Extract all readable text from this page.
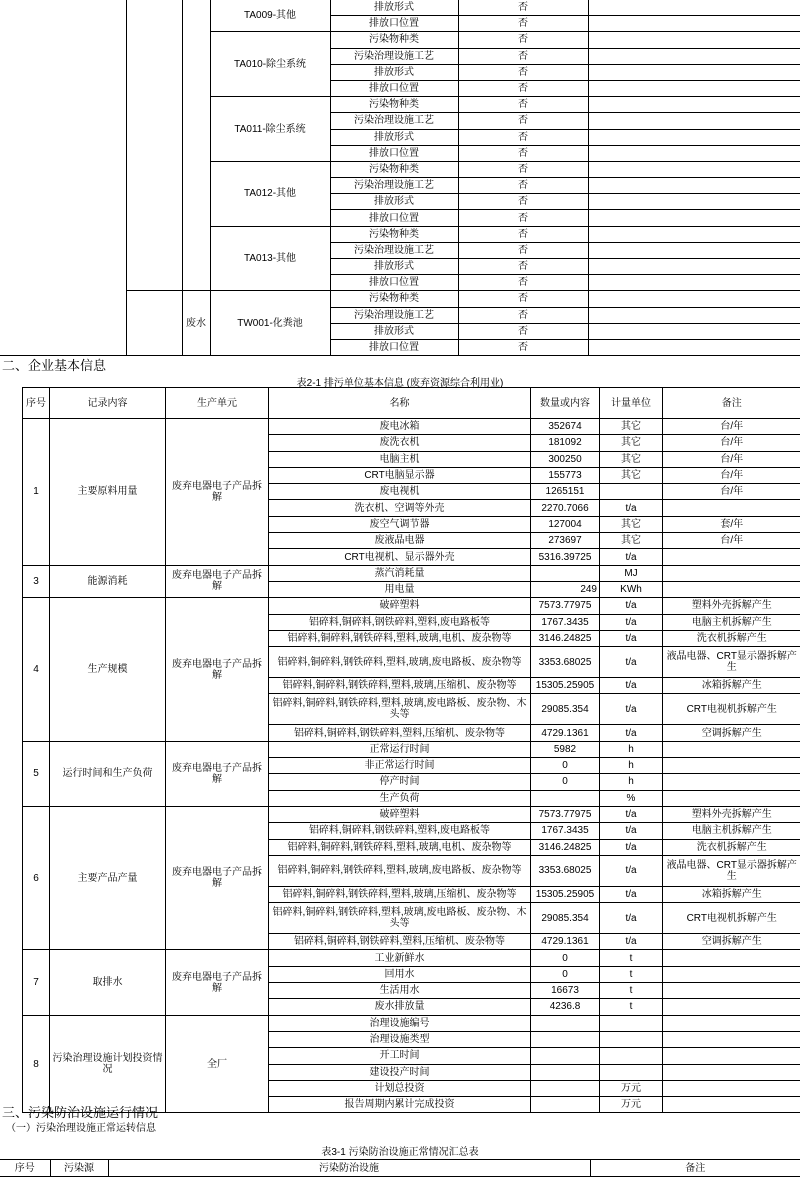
			TA009-其他	排放形式	否	
				排放口位置	否	
			TA010-除尘系统	污染物种类	否	
				污染治理设施工艺	否	
				排放形式	否	
				排放口位置	否	
			TA011-除尘系统	污染物种类	否	
				污染治理设施工艺	否	
				排放形式	否	
				排放口位置	否	
			TA012-其他	污染物种类	否	
				污染治理设施工艺	否	
				排放形式	否	
				排放口位置	否	
			TA013-其他	污染物种类	否	
				污染治理设施工艺	否	
				排放形式	否	
				排放口位置	否	
		废水	TW001-化粪池	污染物种类	否	
				污染治理设施工艺	否	
				排放形式	否	
				排放口位置	否	
二、企业基本信息
表2-1 排污单位基本信息 (废弃资源综合利用业)
序号	记录内容	生产单元	名称	数量或内容	计量单位	备注
1	主要原料用量	废弃电器电子产品拆解	废电冰箱	352674	其它	台/年
			废洗衣机	181092	其它	台/年
			电脑主机	300250	其它	台/年
			CRT电脑显示器	155773	其它	台/年
			废电视机	1265151		台/年
			洗衣机、空调等外壳	2270.7066	t/a	
			废空气调节器	127004	其它	套/年
			废液晶电器	273697	其它	台/年
			CRT电视机、显示器外壳	5316.39725	t/a	
3	能源消耗	废弃电器电子产品拆解	蒸汽消耗量		MJ	
			用电量	249	KWh	
4	生产规模	废弃电器电子产品拆解	破碎塑料	7573.77975	t/a	塑料外壳拆解产生
			铝碎料,铜碎料,钢铁碎料,塑料,废电路板等	1767.3435	t/a	电脑主机拆解产生
			铝碎料,铜碎料,钢铁碎料,塑料,玻璃,电机、废杂物等	3146.24825	t/a	洗衣机拆解产生
			铝碎料,铜碎料,钢铁碎料,塑料,玻璃,废电路板、废杂物等	3353.68025	t/a	液晶电器、CRT显示器拆解产生
			铝碎料,铜碎料,钢铁碎料,塑料,玻璃,压缩机、废杂物等	15305.25905	t/a	冰箱拆解产生
			铝碎料,铜碎料,钢铁碎料,塑料,玻璃,废电路板、废杂物、木头等	29085.354	t/a	CRT电视机拆解产生
			铝碎料,铜碎料,钢铁碎料,塑料,压缩机、废杂物等	4729.1361	t/a	空调拆解产生
5	运行时间和生产负荷	废弃电器电子产品拆解	正常运行时间	5982	h	
			非正常运行时间	0	h	
			停产时间	0	h	
			生产负荷		%	
6	主要产品产量	废弃电器电子产品拆解	破碎塑料	7573.77975	t/a	塑料外壳拆解产生
			铝碎料,铜碎料,钢铁碎料,塑料,废电路板等	1767.3435	t/a	电脑主机拆解产生
			铝碎料,铜碎料,钢铁碎料,塑料,玻璃,电机、废杂物等	3146.24825	t/a	洗衣机拆解产生
			铝碎料,铜碎料,钢铁碎料,塑料,玻璃,废电路板、废杂物等	3353.68025	t/a	液晶电器、CRT显示器拆解产生
			铝碎料,铜碎料,钢铁碎料,塑料,玻璃,压缩机、废杂物等	15305.25905	t/a	冰箱拆解产生
			铝碎料,铜碎料,钢铁碎料,塑料,玻璃,废电路板、废杂物、木头等	29085.354	t/a	CRT电视机拆解产生
			铝碎料,铜碎料,钢铁碎料,塑料,压缩机、废杂物等	4729.1361	t/a	空调拆解产生
7	取排水	废弃电器电子产品拆解	工业新鲜水	0	t	
			回用水	0	t	
			生活用水	16673	t	
			废水排放量	4236.8	t	
8	污染治理设施计划投资情况	全厂	治理设施编号			
			治理设施类型			
			开工时间			
			建设投产时间			
			计划总投资		万元	
			报告周期内累计完成投资		万元	
三、污染防治设施运行情况
（一）污染治理设施正常运转信息
表3-1 污染防治设施正常情况汇总表
序号	污染源	污染防治设施	备注
